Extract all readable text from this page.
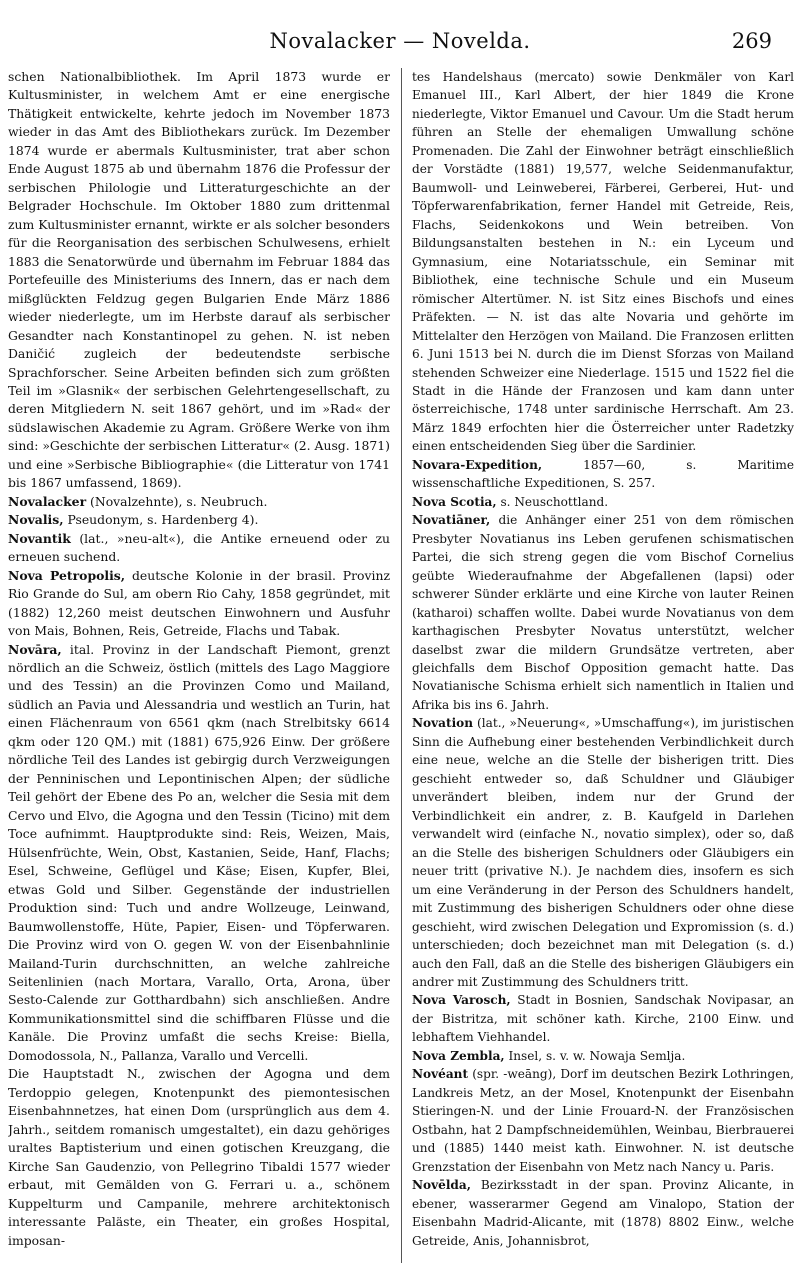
Novalacker — Novelda.	269

schen Nationalbibliothek. Im April 1873 wurde er Kultusminister, in welchem Amt er eine energische Thätigkeit entwickelte, kehrte jedoch im November 1873 wieder in das Amt des Bibliothekars zurück. Im Dezember 1874 wurde er abermals Kultusminister, trat aber schon Ende August 1875 ab und übernahm 1876 die Professur der serbischen Philologie und Litteraturgeschichte an der Belgrader Hochschule. Im Oktober 1880 zum drittenmal zum Kultusminister ernannt, wirkte er als solcher besonders für die Reorganisation des serbischen Schulwesens, erhielt 1883 die Senatorwürde und übernahm im Februar 1884 das Portefeuille des Ministeriums des Innern, das er nach dem mißglückten Feldzug gegen Bulgarien Ende März 1886 wieder niederlegte, um im Herbste darauf als serbischer Gesandter nach Konstantinopel zu gehen. N. ist neben Daničić zugleich der bedeutendste serbische Sprachforscher. Seine Arbeiten befinden sich zum größten Teil im »Glasnik« der serbischen Gelehrtengesellschaft, zu deren Mitgliedern N. seit 1867 gehört, und im »Rad« der südslawischen Akademie zu Agram. Größere Werke von ihm sind: »Geschichte der serbischen Litteratur« (2. Ausg. 1871) und eine »Serbische Bibliographie« (die Litteratur von 1741 bis 1867 umfassend, 1869).

Novalacker (Novalzehnte), s. Neubruch.

Novalis, Pseudonym, s. Hardenberg 4).

Novantik (lat., »neu-alt«), die Antike erneuend oder zu erneuen suchend.

Nova Petropolis, deutsche Kolonie in der brasil. Provinz Rio Grande do Sul, am obern Rio Cahy, 1858 gegründet, mit (1882) 12,260 meist deutschen Einwohnern und Ausfuhr von Mais, Bohnen, Reis, Getreide, Flachs und Tabak.

Novāra, ital. Provinz in der Landschaft Piemont, grenzt nördlich an die Schweiz, östlich (mittels des Lago Maggiore und des Tessin) an die Provinzen Como und Mailand, südlich an Pavia und Alessandria und westlich an Turin, hat einen Flächenraum von 6561 qkm (nach Strelbitsky 6614 qkm oder 120 QM.) mit (1881) 675,926 Einw. Der größere nördliche Teil des Landes ist gebirgig durch Verzweigungen der Penninischen und Lepontinischen Alpen; der südliche Teil gehört der Ebene des Po an, welcher die Sesia mit dem Cervo und Elvo, die Agogna und den Tessin (Ticino) mit dem Toce aufnimmt. Hauptprodukte sind: Reis, Weizen, Mais, Hülsenfrüchte, Wein, Obst, Kastanien, Seide, Hanf, Flachs; Esel, Schweine, Geflügel und Käse; Eisen, Kupfer, Blei, etwas Gold und Silber. Gegenstände der industriellen Produktion sind: Tuch und andre Wollzeuge, Leinwand, Baumwollenstoffe, Hüte, Papier, Eisen- und Töpferwaren. Die Provinz wird von O. gegen W. von der Eisenbahnlinie Mailand-Turin durchschnitten, an welche zahlreiche Seitenlinien (nach Mortara, Varallo, Orta, Arona, über Sesto-Calende zur Gotthardbahn) sich anschließen. Andre Kommunikationsmittel sind die schiffbaren Flüsse und die Kanäle. Die Provinz umfaßt die sechs Kreise: Biella, Domodossola, N., Pallanza, Varallo und Vercelli.

Die Hauptstadt N., zwischen der Agogna und dem Terdoppio gelegen, Knotenpunkt des piemontesischen Eisenbahnnetzes, hat einen Dom (ursprünglich aus dem 4. Jahrh., seitdem romanisch umgestaltet), ein dazu gehöriges uraltes Baptisterium und einen gotischen Kreuzgang, die Kirche San Gaudenzio, von Pellegrino Tibaldi 1577 wieder erbaut, mit Gemälden von G. Ferrari u. a., schönem Kuppelturm und Campanile, mehrere architektonisch interessante Paläste, ein Theater, ein großes Hospital, imposan-

tes Handelshaus (mercato) sowie Denkmäler von Karl Emanuel III., Karl Albert, der hier 1849 die Krone niederlegte, Viktor Emanuel und Cavour. Um die Stadt herum führen an Stelle der ehemaligen Umwallung schöne Promenaden. Die Zahl der Einwohner beträgt einschließlich der Vorstädte (1881) 19,577, welche Seidenmanufaktur, Baumwoll- und Leinweberei, Färberei, Gerberei, Hut- und Töpferwarenfabrikation, ferner Handel mit Getreide, Reis, Flachs, Seidenkokons und Wein betreiben. Von Bildungsanstalten bestehen in N.: ein Lyceum und Gymnasium, eine Notariatsschule, ein Seminar mit Bibliothek, eine technische Schule und ein Museum römischer Altertümer. N. ist Sitz eines Bischofs und eines Präfekten. — N. ist das alte Novaria und gehörte im Mittelalter den Herzögen von Mailand. Die Franzosen erlitten 6. Juni 1513 bei N. durch die im Dienst Sforzas von Mailand stehenden Schweizer eine Niederlage. 1515 und 1522 fiel die Stadt in die Hände der Franzosen und kam dann unter österreichische, 1748 unter sardinische Herrschaft. Am 23. März 1849 erfochten hier die Österreicher unter Radetzky einen entscheidenden Sieg über die Sardinier.

Novara-Expedition, 1857—60, s. Maritime wissenschaftliche Expeditionen, S. 257.

Nova Scotia, s. Neuschottland.

Novatiāner, die Anhänger einer 251 von dem römischen Presbyter Novatianus ins Leben gerufenen schismatischen Partei, die sich streng gegen die vom Bischof Cornelius geübte Wiederaufnahme der Abgefallenen (lapsi) oder schwerer Sünder erklärte und eine Kirche von lauter Reinen (katharoi) schaffen wollte. Dabei wurde Novatianus von dem karthagischen Presbyter Novatus unterstützt, welcher daselbst zwar die mildern Grundsätze vertreten, aber gleichfalls dem Bischof Opposition gemacht hatte. Das Novatianische Schisma erhielt sich namentlich in Italien und Afrika bis ins 6. Jahrh.

Novation (lat., »Neuerung«, »Umschaffung«), im juristischen Sinn die Aufhebung einer bestehenden Verbindlichkeit durch eine neue, welche an die Stelle der bisherigen tritt. Dies geschieht entweder so, daß Schuldner und Gläubiger unverändert bleiben, indem nur der Grund der Verbindlichkeit ein andrer, z. B. Kaufgeld in Darlehen verwandelt wird (einfache N., novatio simplex), oder so, daß an die Stelle des bisherigen Schuldners oder Gläubigers ein neuer tritt (privative N.). Je nachdem dies, insofern es sich um eine Veränderung in der Person des Schuldners handelt, mit Zustimmung des bisherigen Schuldners oder ohne diese geschieht, wird zwischen Delegation und Expromission (s. d.) unterschieden; doch bezeichnet man mit Delegation (s. d.) auch den Fall, daß an die Stelle des bisherigen Gläubigers ein andrer mit Zustimmung des Schuldners tritt.

Nova Varosch, Stadt in Bosnien, Sandschak Novipasar, an der Bistritza, mit schöner kath. Kirche, 2100 Einw. und lebhaftem Viehhandel.

Nova Zembla, Insel, s. v. w. Nowaja Semlja.

Novéant (spr. -weāng), Dorf im deutschen Bezirk Lothringen, Landkreis Metz, an der Mosel, Knotenpunkt der Eisenbahn Stieringen-N. und der Linie Frouard-N. der Französischen Ostbahn, hat 2 Dampfschneidemühlen, Weinbau, Bierbrauerei und (1885) 1440 meist kath. Einwohner. N. ist deutsche Grenzstation der Eisenbahn von Metz nach Nancy u. Paris.

Novēlda, Bezirksstadt in der span. Provinz Alicante, in ebener, wasserarmer Gegend am Vinalopo, Station der Eisenbahn Madrid-Alicante, mit (1878) 8802 Einw., welche Getreide, Anis, Johannisbrot,
